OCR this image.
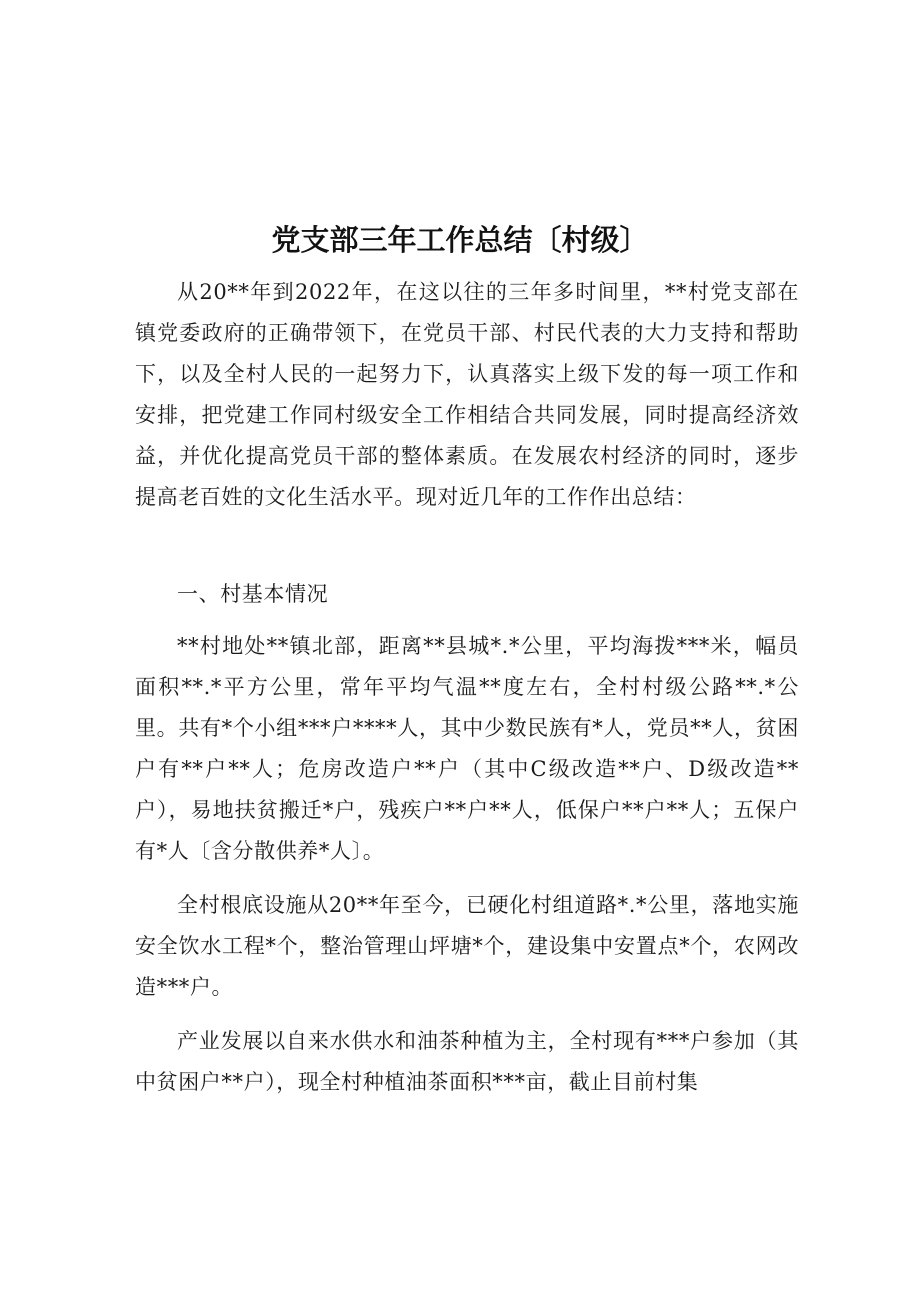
党支部三年工作总结〔村级〕

从20**年到2022年，在这以往的三年多时间里，**村党支部在镇党委政府的正确带领下，在党员干部、村民代表的大力支持和帮助下，以及全村人民的一起努力下，认真落实上级下发的每一项工作和安排，把党建工作同村级安全工作相结合共同发展，同时提高经济效益，并优化提高党员干部的整体素质。在发展农村经济的同时，逐步提高老百姓的文化生活水平。现对近几年的工作作出总结：

一、村基本情况

**村地处**镇北部，距离**县城*.*公里，平均海拨***米，幅员面积**.*平方公里，常年平均气温**度左右，全村村级公路**.*公里。共有*个小组***户****人，其中少数民族有*人，党员**人，贫困户有**户**人；危房改造户**户（其中C级改造**户、D级改造**户），易地扶贫搬迁*户，残疾户**户**人，低保户**户**人；五保户有*人〔含分散供养*人〕。

全村根底设施从20**年至今，已硬化村组道路*.*公里，落地实施安全饮水工程*个，整治管理山坪塘*个，建设集中安置点*个，农网改造***户。

产业发展以自来水供水和油茶种植为主，全村现有***户参加（其中贫困户**户），现全村种植油茶面积***亩，截止目前村集
